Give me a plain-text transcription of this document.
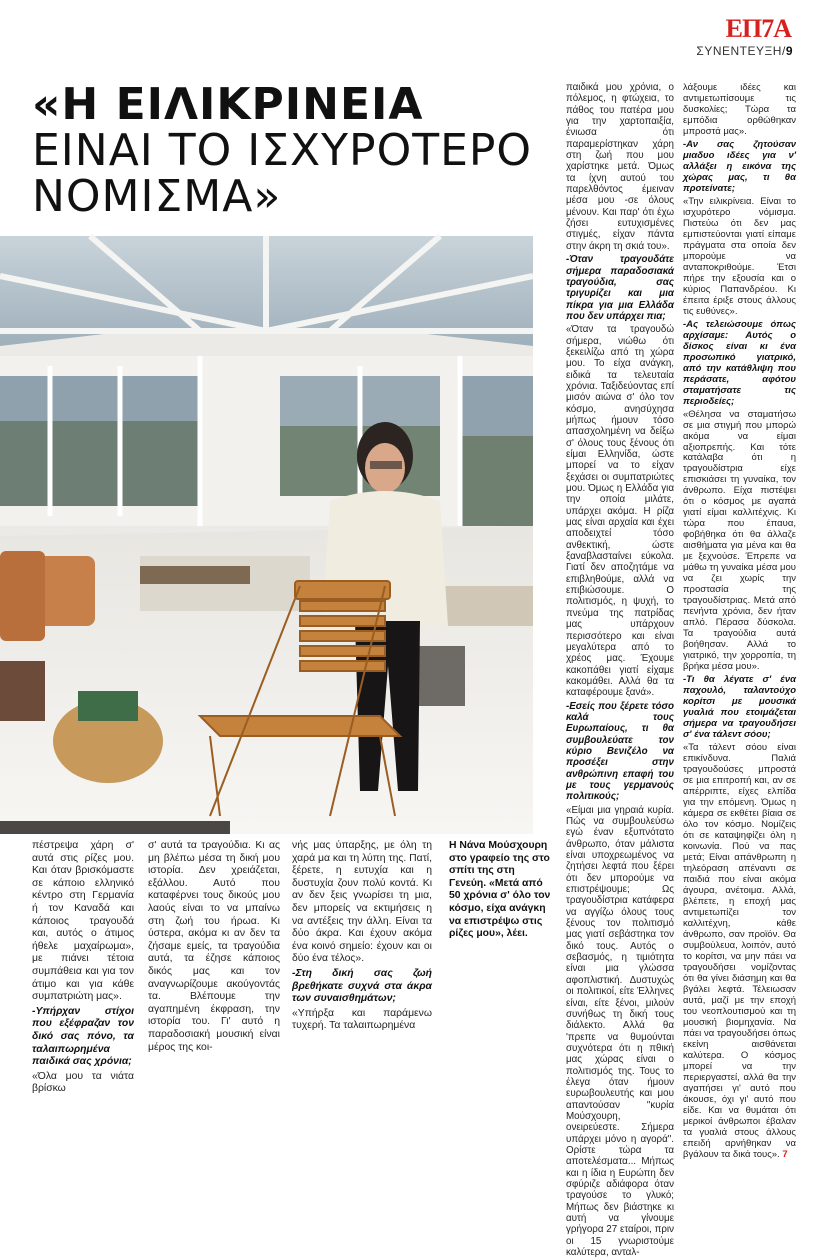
ΕΠ7Α
ΣΥΝΕΝΤΕΥΞΗ/9
«Η ΕΙΛΙΚΡΙΝΕΙΑ
ΕΙΝΑΙ ΤΟ ΙΣΧΥΡΟΤΕΡΟ
ΝΟΜΙΣΜΑ»
ΦΩΤ.: Φ. ΔΙΕΥΘΥΝΣΗ

πέστρεψα χάρη σ' αυτά στις ρίζες μου. Και όταν βρισκόμαστε σε κάποιο ελληνικό κέντρο στη Γερμανία ή τον Καναδά και κάποιος τραγουδά και, αυτός ο άτιμος ήθελε μαχαίρωμα», με πιάνει τέτοια συμπάθεια και για τον άτιμο και για κάθε συμπατριώτη μας».

-Υπήρχαν στίχοι που εξέφραζαν τον δικό σας πόνο, τα ταλαιπωρημένα παιδικά σας χρόνια;

«Όλα μου τα νιάτα βρίσκω

σ' αυτά τα τραγούδια. Κι ας μη βλέπω μέσα τη δική μου ιστορία. Δεν χρειάζεται, εξάλλου. Αυτό που καταφέρνει τους δικούς μου λαούς είναι το να μπαίνω στη ζωή του ήρωα. Κι ύστερα, ακόμα κι αν δεν τα ζήσαμε εμείς, τα τραγούδια αυτά, τα έζησε κάποιος δικός μας και τον αναγνωρίζουμε ακούγοντάς τα. Βλέπουμε την αγαπημένη έκφραση, την ιστορία του. Γι' αυτό η παραδοσιακή μουσική είναι μέρος της κοι-

νής μας ύπαρξης, με όλη τη χαρά μα και τη λύπη της. Πατί, ξέρετε, η ευτυχία και η δυστυχία ζουν πολύ κοντά. Κι αν δεν ξεις γνωρίσει τη μια, δεν μπορείς να εκτιμήσεις η να αντέξεις την άλλη. Είναι τα δύο άκρα. Και έχουν ακόμα ένα κοινό σημείο: έχουν και οι δύο ένα τέλος».

-Στη δική σας ζωή βρεθήκατε συχνά στα άκρα των συναισθημάτων;

«Υπήρξα και παράμενω τυχερή. Τα ταλαιπωρημένα

Η Νάνα Μούσχουρη στο γραφείο της στο σπίτι της στη Γενεύη. «Μετά από 50 χρόνια σ' όλο τον κόσμο, είχα ανάγκη να επιστρέψω στις ρίζες μου», λέει.

παιδικά μου χρόνια, ο πόλεμος, η φτώχεια, το πάθος του πατέρα μου για την χαρτοπαιξία, ένιωσα ότι παραμερίστηκαν χάρη στη ζωή που μου χαρίστηκε μετά. Όμως τα ίχνη αυτού του παρελθόντος έμειναν μέσα μου -σε όλους μένουν. Και παρ' ότι έχω ζήσει ευτυχισμένες στιγμές, είχαν πάντα στην άκρη τη σκιά του».

-Όταν τραγουδάτε σήμερα παραδοσιακά τραγούδια, σας τριγυρίζει και μια πίκρα για μια Ελλάδα που δεν υπάρχει πια;

«Όταν τα τραγουδώ σήμερα, νιώθω ότι ξεκειλίζω από τη χώρα μου. Το είχα ανάγκη, ειδικά τα τελευταία χρόνια. Ταξιδεύοντας επί μισόν αιώνα σ' όλο τον κόσμο, ανησύχησα μήπως ήμουν τόσο απασχολημένη να δείξω σ' όλους τους ξένους ότι είμαι Ελληνίδα, ώστε μπορεί να το είχαν ξεχάσει οι συμπατριώτες μου. Όμως η Ελλάδα για την οποία μιλάτε, υπάρχει ακόμα. Η ρίζα μας είναι αρχαία και έχει αποδειχτεί τόσο ανθεκτική, ώστε ξαναβλασταίνει εύκολα. Γιατί δεν αποζητάμε να επιβληθούμε, αλλά να επιβιώσουμε. Ο πολιτισμός, η ψυχή, το πνεύμα της πατρίδας μας υπάρχουν περισσότερο και είναι μεγαλύτερα από το χρέος μας. Έχουμε κακοπάθει γιατί είχαμε κακομάθει. Αλλά θα τα καταφέρουμε ξανά».

-Εσείς που ξέρετε τόσο καλά τους Ευρωπαίους, τι θα συμβουλεύατε τον κύριο Βενιζέλο να προσέξει στην ανθρώπινη επαφή του με τους γερμανούς πολιτικούς;

«Είμαι μια γηραιά κυρία. Πώς να συμβουλεύσω εγώ έναν εξυπνότατο άνθρωπο, όταν μάλιστα είναι υποχρεωμένος να ζητήσει λεφτά που ξέρει ότι δεν μπορούμε να επιστρέψουμε; Ως τραγουδίστρια κατάφερα να αγγίζω όλους τους ξένους τον πολιτισμό μας γιατί σεβάστηκα τον δικό τους. Αυτός ο σεβασμός, η τιμιότητα είναι μια γλώσσα αφοπλιστική. Δυστυχώς οι πολιτικοί, είτε Έλληνες είναι, είτε ξένοι, μιλούν συνήθως τη δική τους διάλεκτο. Αλλά θα 'πρεπε να θυμούνται συχνότερα ότι η πθική μας χώρας είναι ο πολιτισμός της. Τους το έλεγα όταν ήμουν ευρωβουλευτής και μου απαντούσαν "κυρία Μούσχουρη, ονειρεύεστε. Σήμερα υπάρχει μόνο η αγορά". Ορίστε τώρα τα αποτελέσματα... Μήπως και η ίδια η Ευρώπη δεν σφύριζε αδιάφορα όταν τραγούσε το γλυκό; Μήπως δεν βιάστηκε κι αυτή να γίνουμε γρήγορα 27 εταίροι, πριν οι 15 γνωριστούμε καλύτερα, ανταλ-

λάξουμε ιδέες και αντιμετωπίσουμε τις δυσκολίες; Τώρα τα εμπόδια ορθώθηκαν μπροστά μας».

-Αν σας ζητούσαν μιαδυο ιδέες για ν' αλλάξει η εικόνα της χώρας μας, τι θα προτείνατε;

«Την ειλικρίνεια. Είναι το ισχυρότερο νόμισμα. Πιστεύω ότι δεν μας εμπιστεύονται γιατί είπαμε πράγματα στα οποία δεν μπορούμε να ανταποκριθούμε. Έτσι πήρε την εξουσία και ο κύριος Παπανδρέου. Κι έπειτα έριξε στους άλλους τις ευθύνες».

-Ας τελειώσουμε όπως αρχίσαμε: Αυτός ο δίσκος είναι κι ένα προσωπικό γιατρικό, από την κατάθλιψη που περάσατε, αφότου σταματήσατε τις περιοδείες;

«Θέλησα να σταματήσω σε μια στιγμή που μπορώ ακόμα να είμαι αξιοπρεπής. Και τότε κατάλαβα ότι η τραγουδίστρια είχε επισκιάσει τη γυναίκα, τον άνθρωπο. Είχα πιστέψει ότι ο κόσμος με αγαπά γιατί είμαι καλλιτέχνις. Κι τώρα που έπαυα, φοβήθηκα ότι θα άλλαζε αισθήματα για μένα και θα με ξεχνούσε. Έπρεπε να μάθω τη γυναίκα μέσα μου να ζει χωρίς την προστασία της τραγουδίστριας. Μετά από πενήντα χρόνια, δεν ήταν απλό. Πέρασα δύσκολα. Τα τραγούδια αυτά βοήθησαν. Αλλά το γιατρικό, την χορροπία, τη βρήκα μέσα μου».

-Τι θα λέγατε σ' ένα παχουλό, ταλαντούχο κορίτσι με μουσικά γυαλιά που ετοιμάζεται σήμερα να τραγουδήσει σ' ένα τάλεντ σόου;

«Τα τάλεντ σόου είναι επικίνδυνα. Παλιά τραγουδούσες μπροστά σε μια επιτροπή και, αν σε απέρριπτε, είχες ελπίδα για την επόμενη. Όμως η κάμερα σε εκθέτει βίαια σε όλο τον κόσμο. Νομίζεις ότι σε καταψηφίζει όλη η κοινωνία. Πού να πας μετά; Είναι απάνθρωπη η τηλεόραση απέναντι σε παιδιά που είναι ακόμα άγουρα, ανέτοιμα. Αλλά, βλέπετε, η εποχή μας αντιμετωπίζει τον καλλιτέχνη, κάθε άνθρωπο, σαν προϊόν. Θα συμβούλευα, λοιπόν, αυτό το κορίτσι, να μην πάει να τραγουδήσει νομίζοντας ότι θα γίνει διάσημη και θα βγάλει λεφτά. Τέλειωσαν αυτά, μαζί με την εποχή του νεοπλουτισμού και τη μουσική βιομηχανία. Να πάει να τραγουδήσει όπως εκείνη αισθάνεται καλύτερα. Ο κόσμος μπορεί να την περιεργαστεί, αλλά θα την αγαπήσει γι' αυτό που άκουσε, όχι γι' αυτό που είδε. Και να θυμάται ότι μερικοί άνθρωποι έβαλαν τα γυαλιά στους άλλους επειδή αρνήθηκαν να βγάλουν τα δικά τους». 7
